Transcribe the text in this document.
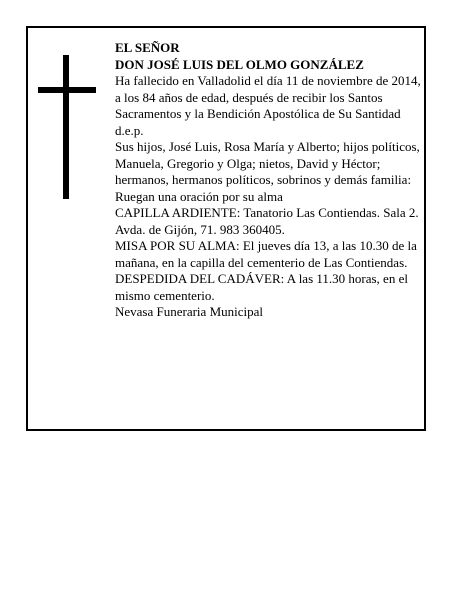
EL SEÑOR

DON JOSÉ LUIS DEL OLMO GONZÁLEZ

Ha fallecido en Valladolid el día 11 de noviembre de 2014, a los 84 años de edad, después de recibir los Santos Sacramentos y la Bendición Apostólica de Su Santidad

d.e.p.

Sus hijos, José Luis, Rosa María y Alberto; hijos políticos, Manuela, Gregorio y Olga; nietos, David y Héctor; hermanos, hermanos políticos, sobrinos y demás familia:

Ruegan una oración por su alma

CAPILLA ARDIENTE: Tanatorio Las Contiendas. Sala 2. Avda. de Gijón, 71. 983 360405.

MISA POR SU ALMA: El jueves día 13, a las 10.30 de la mañana, en la capilla del cementerio de Las Contiendas.

DESPEDIDA DEL CADÁVER: A las 11.30 horas, en el mismo cementerio.

Nevasa Funeraria Municipal
